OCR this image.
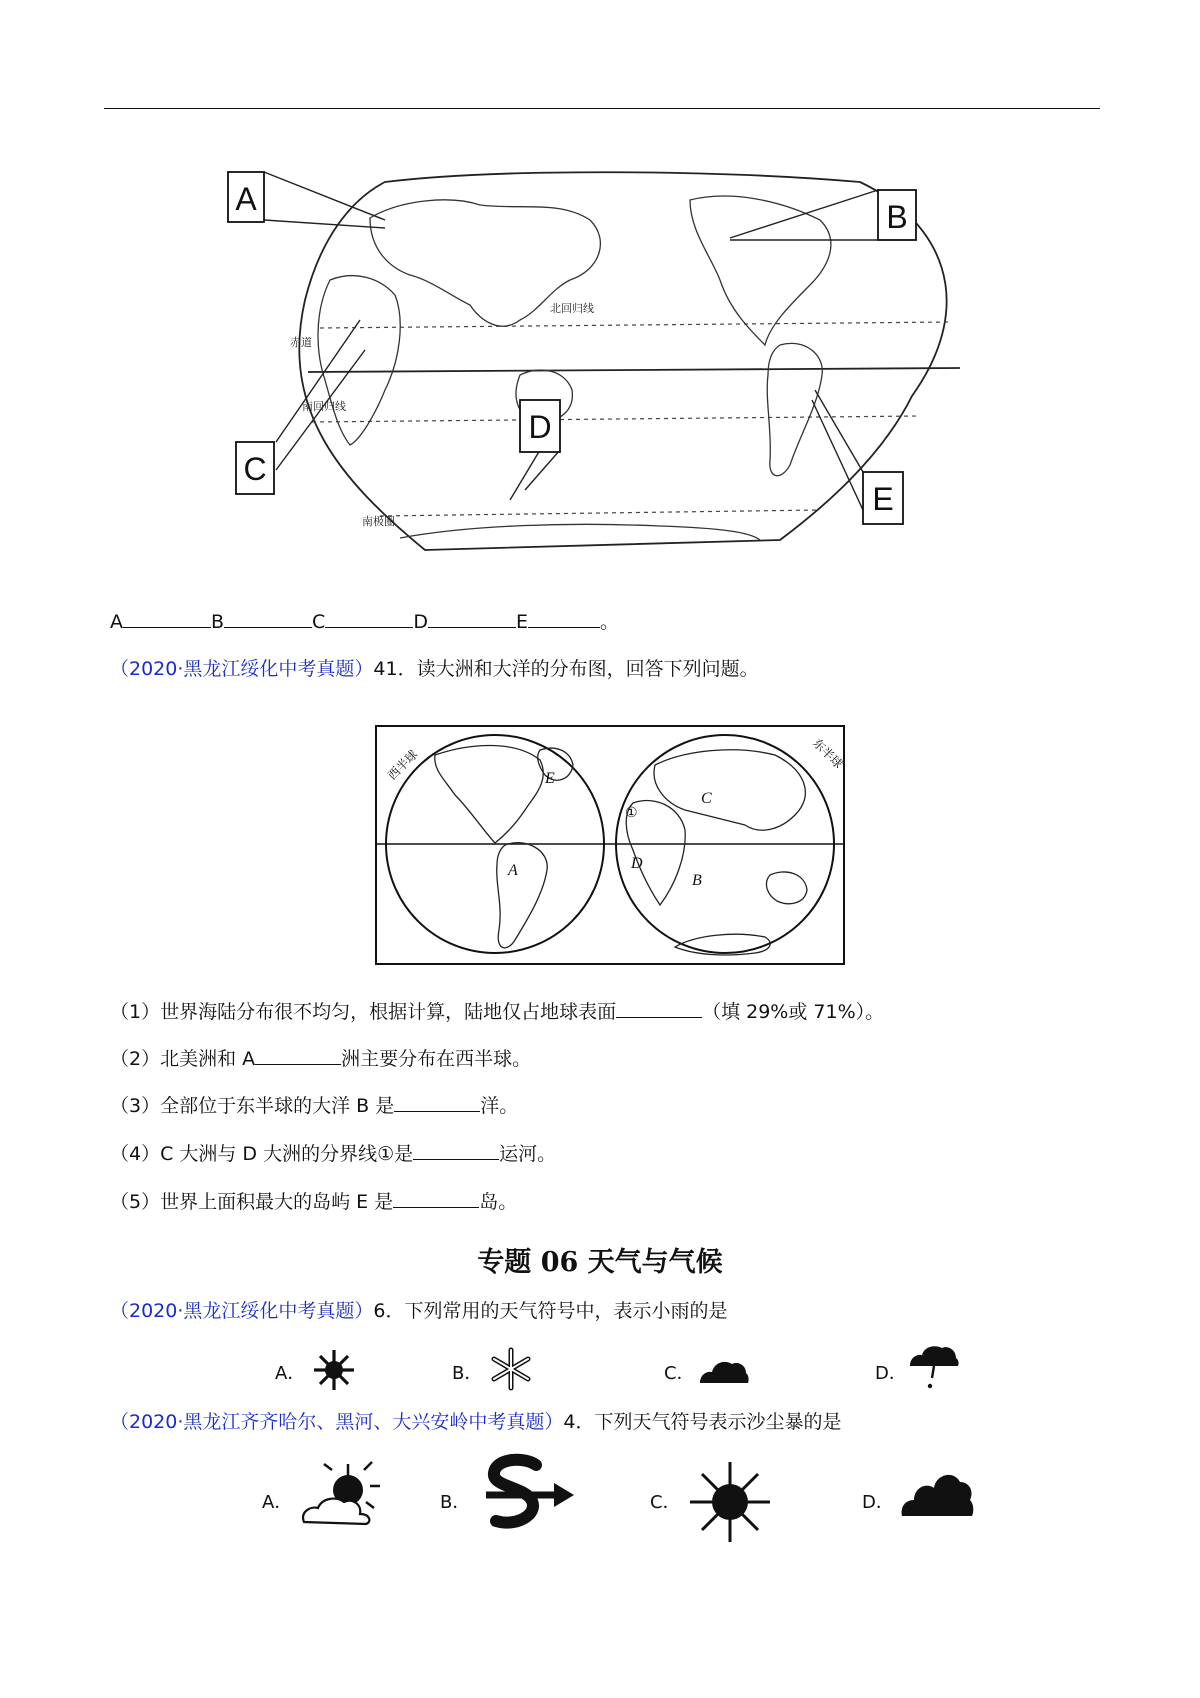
北回归线
赤道
南回归线
南极圈
A	B
C
D
E
A	B	C	D	E	。
（2020·黑龙江绥化中考真题）41．读大洲和大洋的分布图，回答下列问题。
西半球	东半球
E
A
C
D
B
①
（1）世界海陆分布很不均匀，根据计算，陆地仅占地球表面	（填 29%或 71%）。
（2）北美洲和 A	洲主要分布在西半球。
（3）全部位于东半球的大洋 B 是	洋。
（4）C 大洲与 D 大洲的分界线①是	运河。
（5）世界上面积最大的岛屿 E 是	岛。
专题 06 天气与气候
（2020·黑龙江绥化中考真题）6．下列常用的天气符号中，表示小雨的是
A．	B．	C．	D．
（2020·黑龙江齐齐哈尔、黑河、大兴安岭中考真题）4．下列天气符号表示沙尘暴的是
A．	B．	C．	D．
